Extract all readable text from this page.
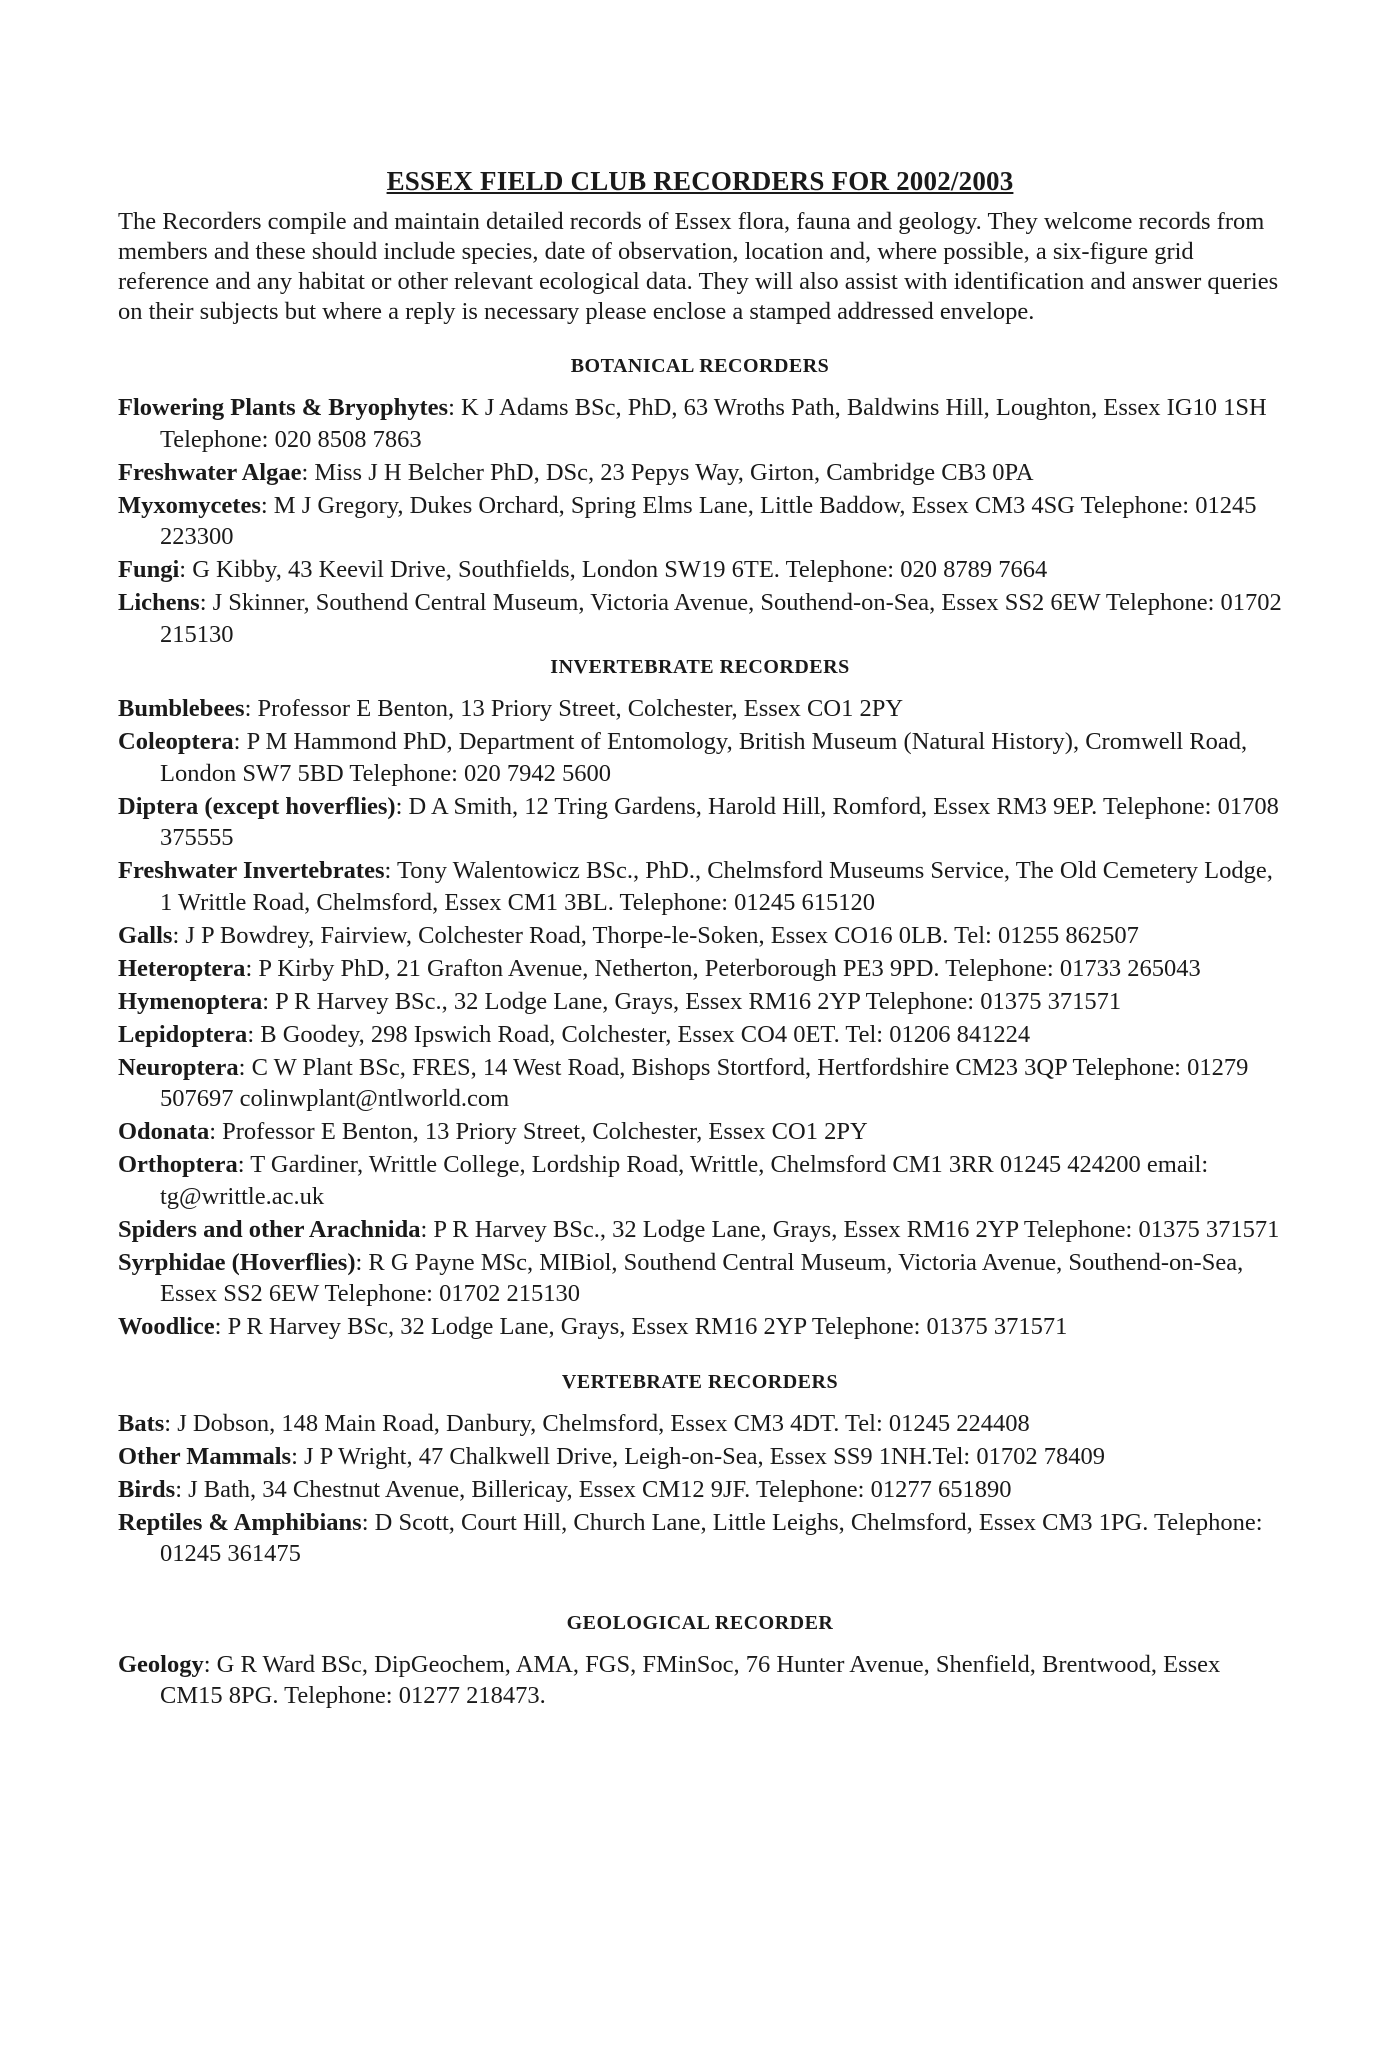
ESSEX FIELD CLUB RECORDERS FOR 2002/2003

The Recorders compile and maintain detailed records of Essex flora, fauna and geology. They welcome records from members and these should include species, date of observation, location and, where possible, a six-figure grid reference and any habitat or other relevant ecological data. They will also assist with identification and answer queries on their subjects but where a reply is necessary please enclose a stamped addressed envelope.

BOTANICAL RECORDERS

Flowering Plants & Bryophytes: K J Adams BSc, PhD, 63 Wroths Path, Baldwins Hill, Loughton, Essex IG10 1SH Telephone: 020 8508 7863

Freshwater Algae: Miss J H Belcher PhD, DSc, 23 Pepys Way, Girton, Cambridge CB3 0PA

Myxomycetes: M J Gregory, Dukes Orchard, Spring Elms Lane, Little Baddow, Essex CM3 4SG Telephone: 01245 223300

Fungi: G Kibby, 43 Keevil Drive, Southfields, London SW19 6TE. Telephone: 020 8789 7664

Lichens: J Skinner, Southend Central Museum, Victoria Avenue, Southend-on-Sea, Essex SS2 6EW Telephone: 01702 215130

INVERTEBRATE RECORDERS

Bumblebees: Professor E Benton, 13 Priory Street, Colchester, Essex CO1 2PY

Coleoptera: P M Hammond PhD, Department of Entomology, British Museum (Natural History), Cromwell Road, London SW7 5BD Telephone: 020 7942 5600

Diptera (except hoverflies): D A Smith, 12 Tring Gardens, Harold Hill, Romford, Essex RM3 9EP. Telephone: 01708 375555

Freshwater Invertebrates: Tony Walentowicz BSc., PhD., Chelmsford Museums Service, The Old Cemetery Lodge, 1 Writtle Road, Chelmsford, Essex CM1 3BL. Telephone: 01245 615120

Galls: J P Bowdrey, Fairview, Colchester Road, Thorpe-le-Soken, Essex CO16 0LB. Tel: 01255 862507

Heteroptera: P Kirby PhD, 21 Grafton Avenue, Netherton, Peterborough PE3 9PD. Telephone: 01733 265043

Hymenoptera: P R Harvey BSc., 32 Lodge Lane, Grays, Essex RM16 2YP Telephone: 01375 371571

Lepidoptera: B Goodey, 298 Ipswich Road, Colchester, Essex CO4 0ET. Tel: 01206 841224

Neuroptera: C W Plant BSc, FRES, 14 West Road, Bishops Stortford, Hertfordshire CM23 3QP Telephone: 01279 507697 colinwplant@ntlworld.com

Odonata: Professor E Benton, 13 Priory Street, Colchester, Essex CO1 2PY

Orthoptera: T Gardiner, Writtle College, Lordship Road, Writtle, Chelmsford CM1 3RR 01245 424200 email: tg@writtle.ac.uk

Spiders and other Arachnida: P R Harvey BSc., 32 Lodge Lane, Grays, Essex RM16 2YP Telephone: 01375 371571

Syrphidae (Hoverflies): R G Payne MSc, MIBiol, Southend Central Museum, Victoria Avenue, Southend-on-Sea, Essex SS2 6EW Telephone: 01702 215130

Woodlice: P R Harvey BSc, 32 Lodge Lane, Grays, Essex RM16 2YP Telephone: 01375 371571

VERTEBRATE RECORDERS

Bats: J Dobson, 148 Main Road, Danbury, Chelmsford, Essex CM3 4DT. Tel: 01245 224408

Other Mammals: J P Wright, 47 Chalkwell Drive, Leigh-on-Sea, Essex SS9 1NH.Tel: 01702 78409

Birds: J Bath, 34 Chestnut Avenue, Billericay, Essex CM12 9JF. Telephone: 01277 651890

Reptiles & Amphibians: D Scott, Court Hill, Church Lane, Little Leighs, Chelmsford, Essex CM3 1PG. Telephone: 01245 361475

GEOLOGICAL RECORDER

Geology: G R Ward BSc, DipGeochem, AMA, FGS, FMinSoc, 76 Hunter Avenue, Shenfield, Brentwood, Essex CM15 8PG. Telephone: 01277 218473.
